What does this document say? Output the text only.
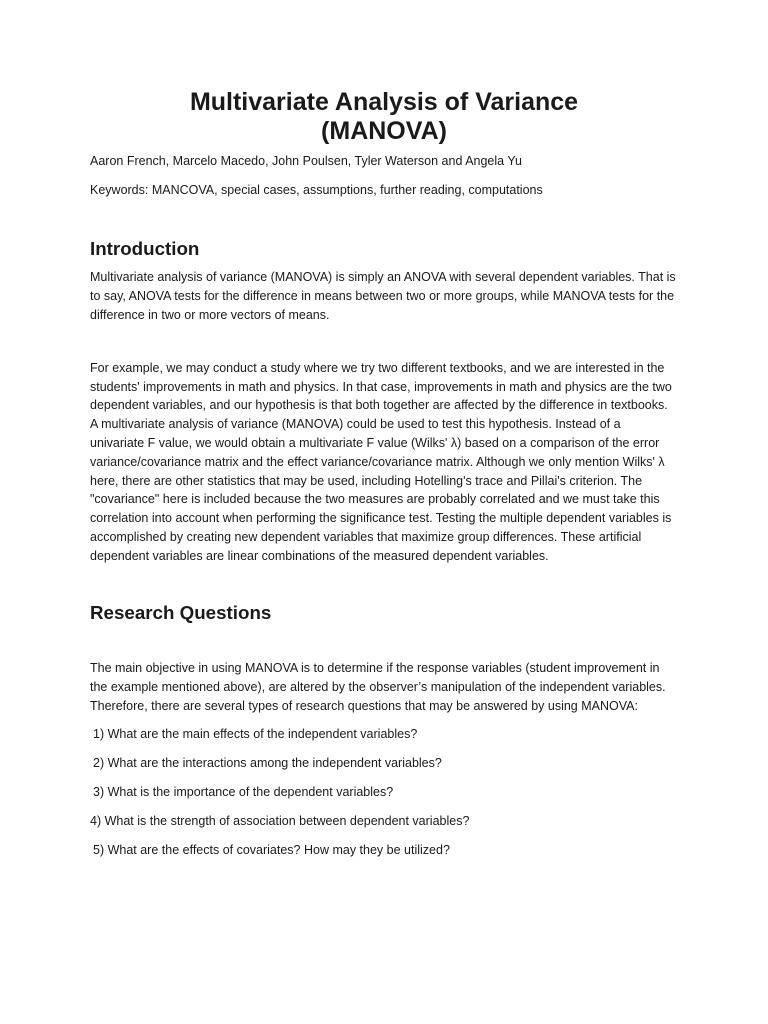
Multivariate Analysis of Variance
(MANOVA)

Aaron French, Marcelo Macedo, John Poulsen, Tyler Waterson and Angela Yu

Keywords: MANCOVA, special cases, assumptions, further reading, computations

Introduction

Multivariate analysis of variance (MANOVA) is simply an ANOVA with several dependent variables. That is to say, ANOVA tests for the difference in means between two or more groups, while MANOVA tests for the difference in two or more vectors of means.

For example, we may conduct a study where we try two different textbooks, and we are interested in the students' improvements in math and physics. In that case, improvements in math and physics are the two dependent variables, and our hypothesis is that both together are affected by the difference in textbooks. A multivariate analysis of variance (MANOVA) could be used to test this hypothesis. Instead of a univariate F value, we would obtain a multivariate F value (Wilks' λ) based on a comparison of the error variance/covariance matrix and the effect variance/covariance matrix. Although we only mention Wilks' λ here, there are other statistics that may be used, including Hotelling's trace and Pillai's criterion. The "covariance" here is included because the two measures are probably correlated and we must take this correlation into account when performing the significance test. Testing the multiple dependent variables is accomplished by creating new dependent variables that maximize group differences. These artificial dependent variables are linear combinations of the measured dependent variables.

Research Questions

The main objective in using MANOVA is to determine if the response variables (student improvement in the example mentioned above), are altered by the observer’s manipulation of the independent variables. Therefore, there are several types of research questions that may be answered by using MANOVA:

1) What are the main effects of the independent variables?
2) What are the interactions among the independent variables?
3) What is the importance of the dependent variables?
4) What is the strength of association between dependent variables?
5) What are the effects of covariates? How may they be utilized?
